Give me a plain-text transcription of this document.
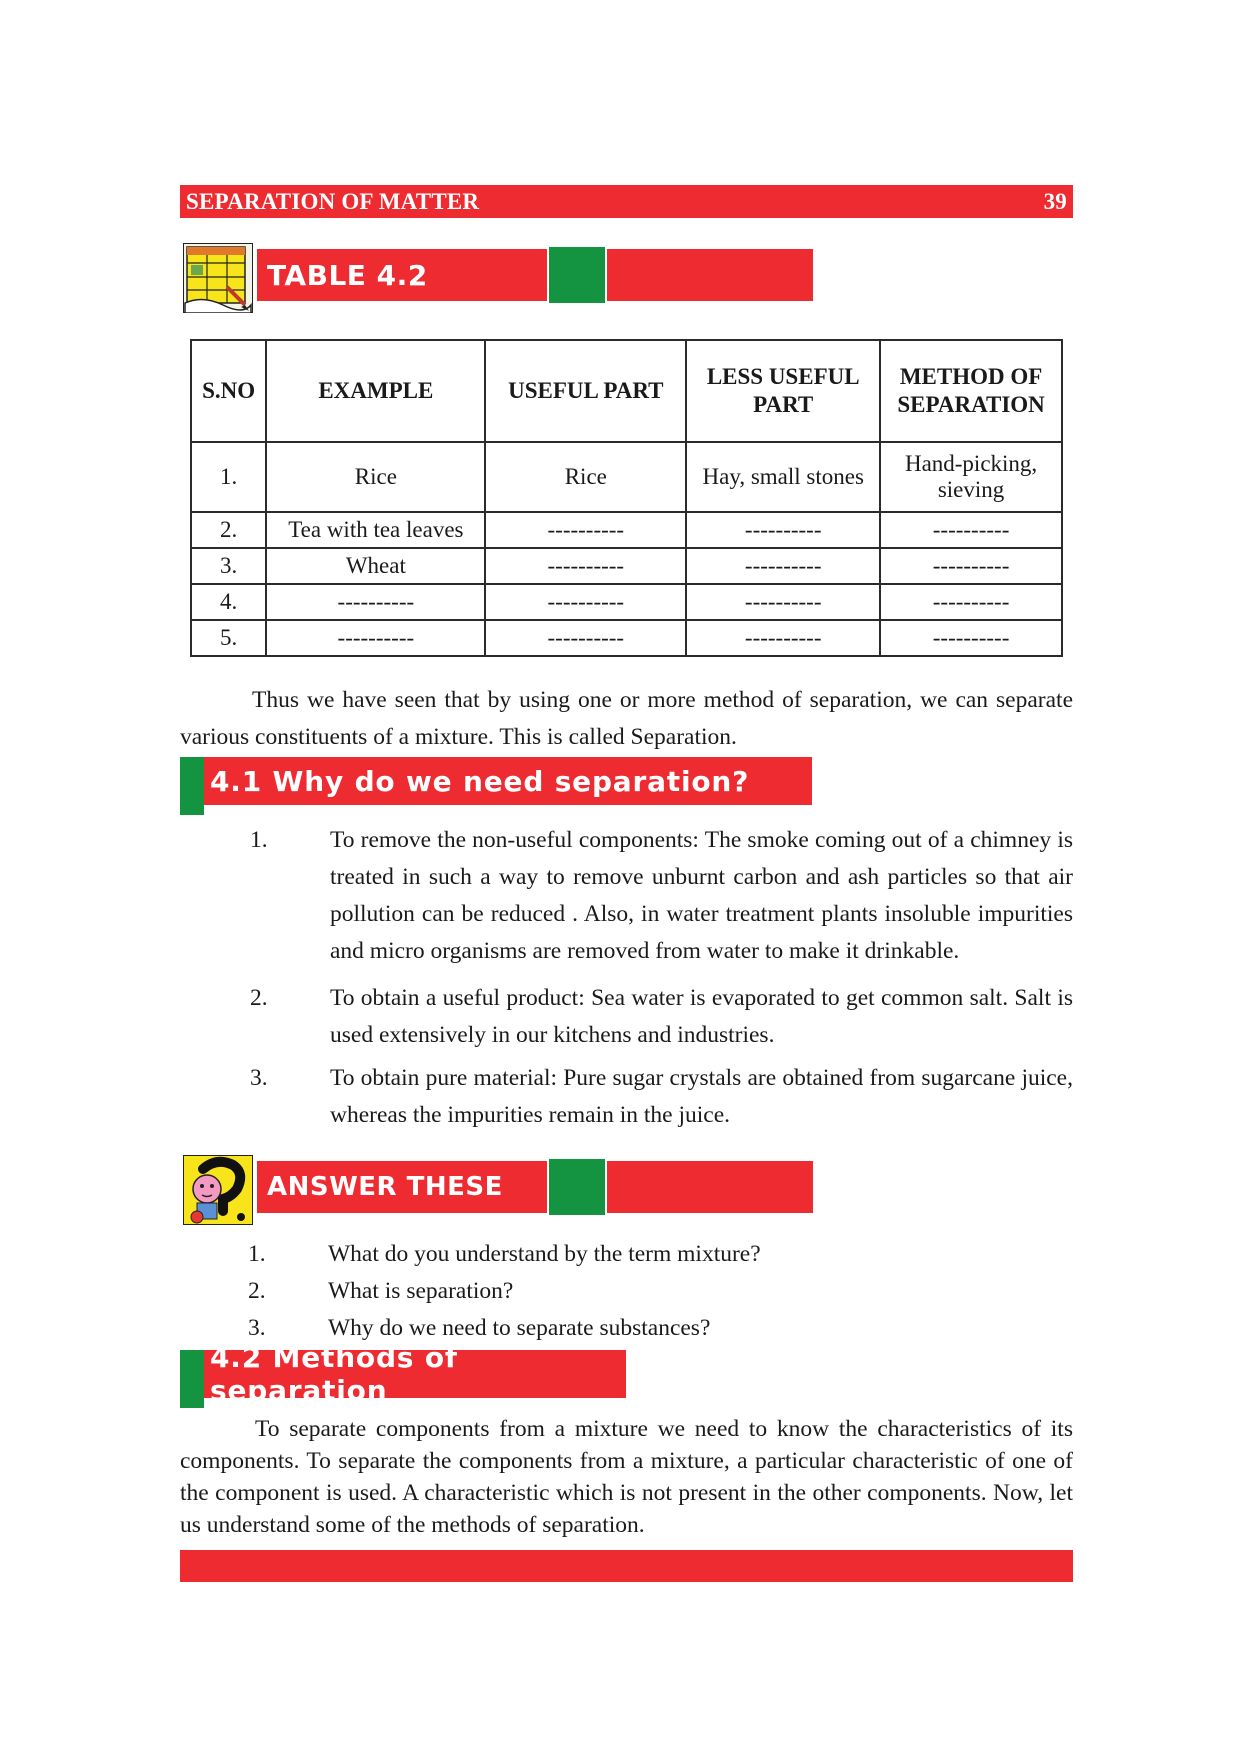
SEPARATION OF MATTER	39
TABLE 4.2
S.NO	EXAMPLE	USEFUL PART	LESS USEFUL PART	METHOD OF SEPARATION
1.	Rice	Rice	Hay, small stones	Hand-picking, sieving
2.	Tea with tea leaves	----------	----------	----------
3.	Wheat	----------	----------	----------
4.	----------	----------	----------	----------
5.	----------	----------	----------	----------

Thus we have seen that by using one or more method of separation, we can separate various constituents of a mixture. This is called Separation.

4.1 Why do we need separation?
1.	To remove the non-useful components: The smoke coming out of a chimney is treated in such a way to remove unburnt carbon and ash particles so that air pollution can be reduced . Also, in water treatment plants insoluble impurities and micro organisms are removed from water to make it drinkable.
2.	To obtain a useful product: Sea water is evaporated to get common salt. Salt is used extensively in our kitchens and industries.
3.	To obtain pure material: Pure sugar crystals are obtained from sugarcane juice, whereas the impurities remain in the juice.
ANSWER THESE
1.	What do you understand by the term mixture?
2.	What is separation?
3.	Why do we need to separate substances?
4.2 Methods of separation

To separate components from a mixture we need to know the characteristics of its components. To separate the components from a mixture, a particular characteristic of one of the component is used. A characteristic which is not present in the other components. Now, let us understand some of the methods of separation.
